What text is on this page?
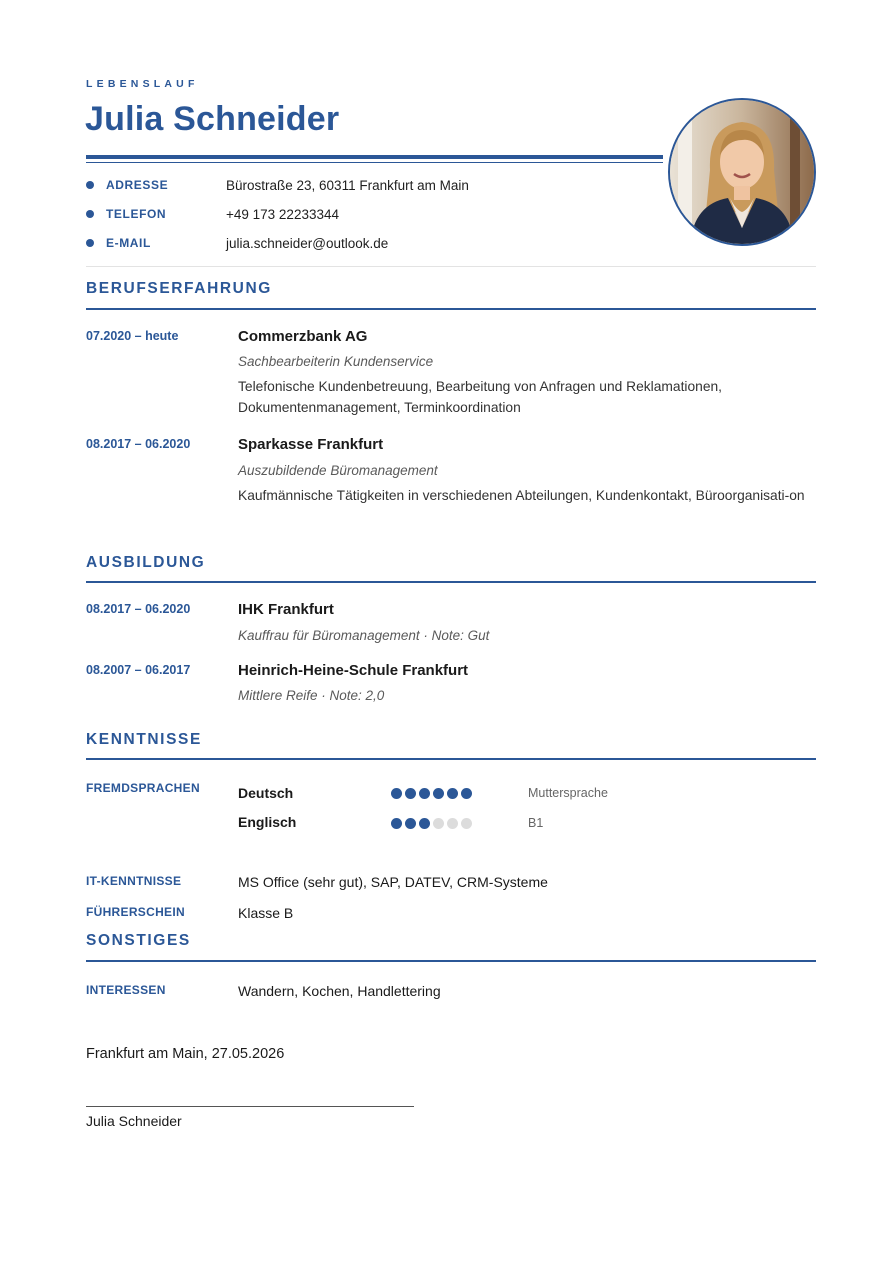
LEBENSLAUF
Julia Schneider
ADRESSE	Bürostraße 23, 60311 Frankfurt am Main
TELEFON	+49 173 22233344
E-MAIL	julia.schneider@outlook.de
BERUFSERFAHRUNG
07.2020 – heute	Commerzbank AG
Sachbearbeiterin Kundenservice
Telefonische Kundenbetreuung, Bearbeitung von Anfragen und Reklamationen, Dokumentenmanagement, Terminkoordination
08.2017 – 06.2020	Sparkasse Frankfurt
Auszubildende Büromanagement
Kaufmännische Tätigkeiten in verschiedenen Abteilungen, Kundenkontakt, Büroorganisati-on
AUSBILDUNG
08.2017 – 06.2020	IHK Frankfurt
Kauffrau für Büromanagement · Note: Gut
08.2007 – 06.2017	Heinrich-Heine-Schule Frankfurt
Mittlere Reife · Note: 2,0
KENNTNISSE
FREMDSPRACHEN	Deutsch	Muttersprache
Englisch	B1
IT-KENNTNISSE	MS Office (sehr gut), SAP, DATEV, CRM-Systeme
FÜHRERSCHEIN	Klasse B
SONSTIGES
INTERESSEN	Wandern, Kochen, Handlettering
Frankfurt am Main, 27.05.2026
Julia Schneider
